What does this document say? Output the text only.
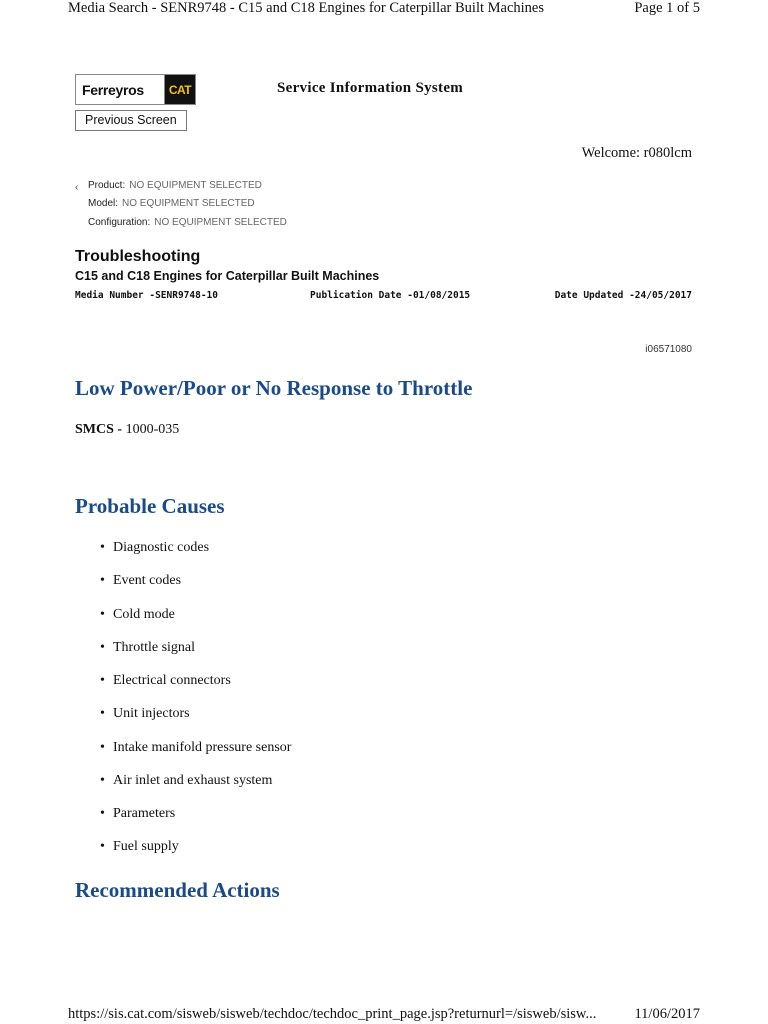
Media Search - SENR9748 - C15 and C18 Engines for Caterpillar Built Machines	Page 1 of 5
Ferreyros	CAT	Service Information System
Previous Screen
Welcome: r080lcm
‹ Product: NO EQUIPMENT SELECTED
Model: NO EQUIPMENT SELECTED
Configuration: NO EQUIPMENT SELECTED
Troubleshooting
C15 and C18 Engines for Caterpillar Built Machines
Media Number -SENR9748-10	Publication Date -01/08/2015	Date Updated -24/05/2017
i06571080
Low Power/Poor or No Response to Throttle
SMCS - 1000-035
Probable Causes
• Diagnostic codes
• Event codes
• Cold mode
• Throttle signal
• Electrical connectors
• Unit injectors
• Intake manifold pressure sensor
• Air inlet and exhaust system
• Parameters
• Fuel supply
Recommended Actions
https://sis.cat.com/sisweb/sisweb/techdoc/techdoc_print_page.jsp?returnurl=/sisweb/sisw...	11/06/2017
